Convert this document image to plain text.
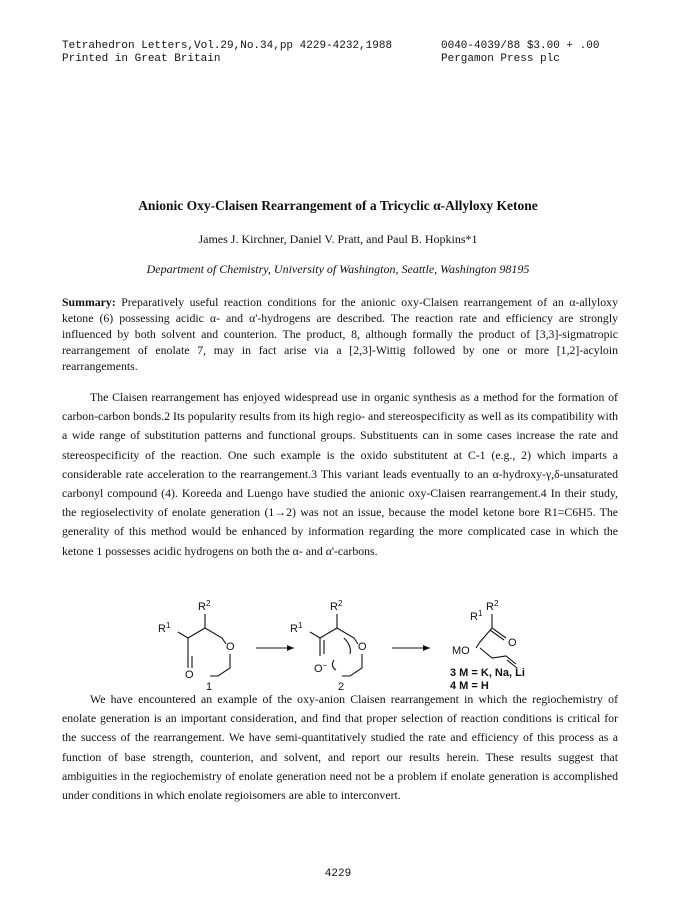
Tetrahedron Letters,Vol.29,No.34,pp 4229-4232,1988
Printed in Great Britain
0040-4039/88 $3.00 + .00
Pergamon Press plc
Anionic Oxy-Claisen Rearrangement of a Tricyclic α-Allyloxy Ketone
James J. Kirchner, Daniel V. Pratt, and Paul B. Hopkins*1
Department of Chemistry, University of Washington, Seattle, Washington 98195
Summary: Preparatively useful reaction conditions for the anionic oxy-Claisen rearrangement of an α-allyloxy ketone (6) possessing acidic α- and α'-hydrogens are described. The reaction rate and efficiency are strongly influenced by both solvent and counterion. The product, 8, although formally the product of [3,3]-sigmatropic rearrangement of enolate 7, may in fact arise via a [2,3]-Wittig followed by one or more [1,2]-acyloin rearrangements.
The Claisen rearrangement has enjoyed widespread use in organic synthesis as a method for the formation of carbon-carbon bonds.2 Its popularity results from its high regio- and stereospecificity as well as its compatibility with a wide range of substitution patterns and functional groups. Substituents can in some cases increase the rate and stereospecificity of the reaction. One such example is the oxido substitutent at C-1 (e.g., 2) which imparts a considerable rate acceleration to the rearrangement.3 This variant leads eventually to an α-hydroxy-γ,δ-unsaturated carbonyl compound (4). Koreeda and Luengo have studied the anionic oxy-Claisen rearrangement.4 In their study, the regioselectivity of enolate generation (1→2) was not an issue, because the model ketone bore R1=C6H5. The generality of this method would be enhanced by information regarding the more complicated case in which the ketone 1 possesses acidic hydrogens on both the α- and α'-carbons.
$R^2$
$R^1$
O
O
1
$R^2$
$R^1$
O
O−
2
$R^1$
$R^2$
O
MO
3 M = K, Na, Li
4 M = H
We have encountered an example of the oxy-anion Claisen rearrangement in which the regiochemistry of enolate generation is an important consideration, and find that proper selection of reaction conditions is critical for the success of the rearrangement. We have semi-quantitatively studied the rate and efficiency of this process as a function of base strength, counterion, and solvent, and report our results herein. These results suggest that ambiguities in the regiochemistry of enolate generation need not be a problem if enolate generation is accomplished under conditions in which enolate regioisomers are able to interconvert.
4229
